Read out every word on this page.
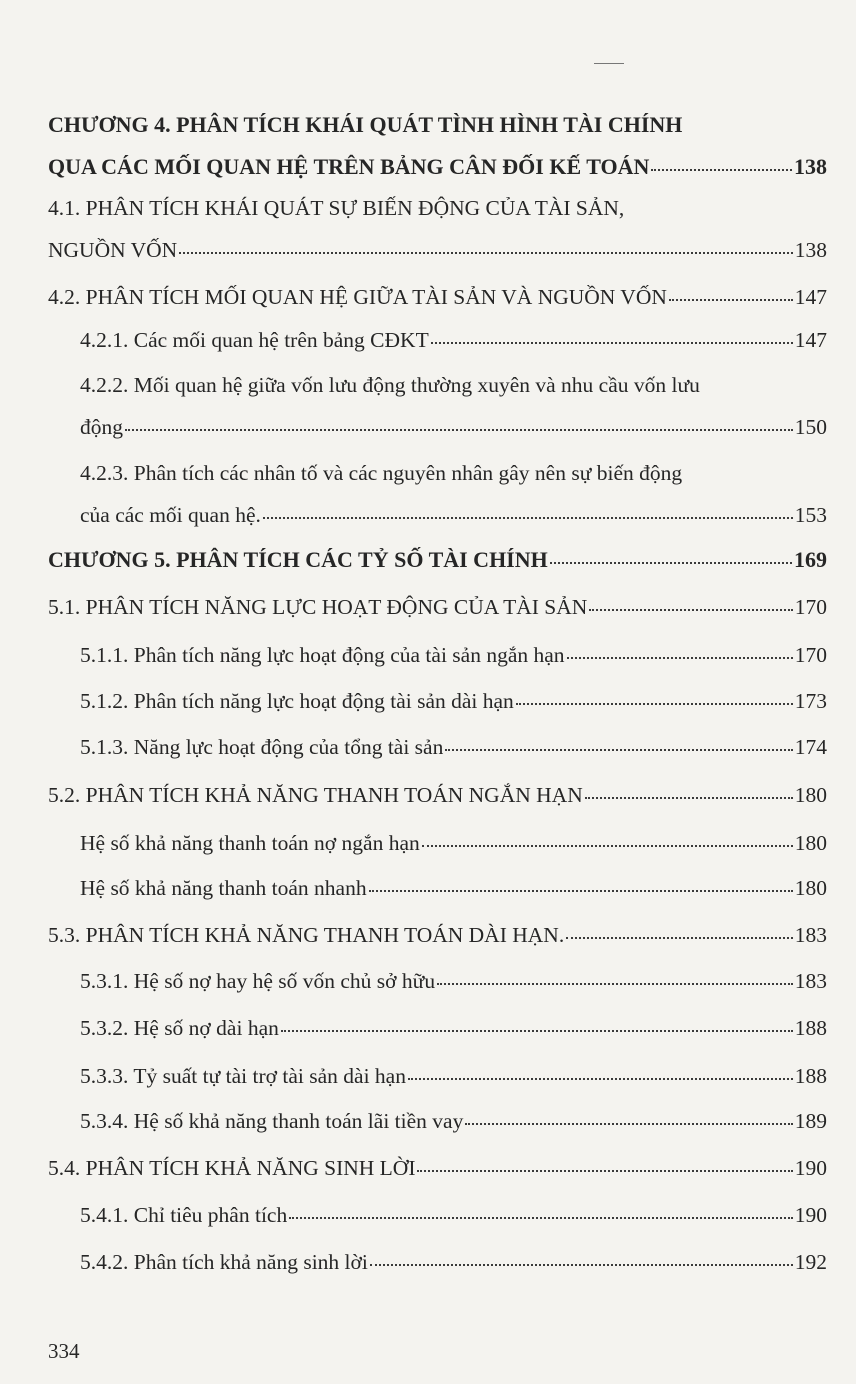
CHƯƠNG 4. PHÂN TÍCH KHÁI QUÁT TÌNH HÌNH TÀI CHÍNH
QUA CÁC MỐI QUAN HỆ TRÊN BẢNG CÂN ĐỐI KẾ TOÁN	138
4.1. PHÂN TÍCH KHÁI QUÁT SỰ BIẾN ĐỘNG CỦA TÀI SẢN,
NGUỒN VỐN	138
4.2. PHÂN TÍCH MỐI QUAN HỆ GIỮA TÀI SẢN VÀ NGUỒN VỐN	147
4.2.1. Các mối quan hệ trên bảng CĐKT	147
4.2.2. Mối quan hệ giữa vốn lưu động thường xuyên và nhu cầu vốn lưu
động	150
4.2.3. Phân tích các nhân tố và các nguyên nhân gây nên sự biến động
của các mối quan hệ.	153
CHƯƠNG 5. PHÂN TÍCH CÁC TỶ SỐ TÀI CHÍNH	169
5.1. PHÂN TÍCH NĂNG LỰC HOẠT ĐỘNG CỦA TÀI SẢN	170
5.1.1. Phân tích năng lực hoạt động của tài sản ngắn hạn	170
5.1.2. Phân tích năng lực hoạt động tài sản dài hạn	173
5.1.3. Năng lực hoạt động của tổng tài sản	174
5.2. PHÂN TÍCH KHẢ NĂNG THANH TOÁN NGẮN HẠN	180
Hệ số khả năng thanh toán nợ ngắn hạn	180
Hệ số khả năng thanh toán nhanh	180
5.3. PHÂN TÍCH KHẢ NĂNG THANH TOÁN DÀI HẠN.	183
5.3.1. Hệ số nợ hay hệ số vốn chủ sở hữu	183
5.3.2. Hệ số nợ dài hạn	188
5.3.3. Tỷ suất tự tài trợ tài sản dài hạn	188
5.3.4. Hệ số khả năng thanh toán lãi tiền vay	189
5.4. PHÂN TÍCH KHẢ NĂNG SINH LỜI	190
5.4.1. Chỉ tiêu phân tích	190
5.4.2. Phân tích khả năng sinh lời	192
334
